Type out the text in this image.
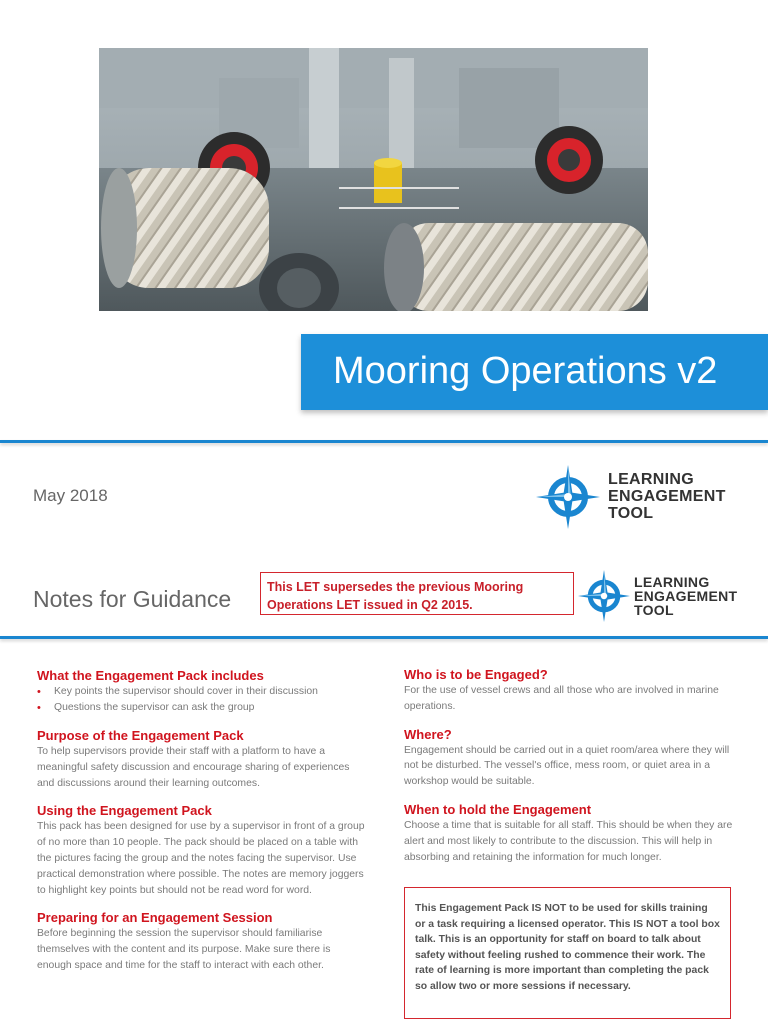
Mooring Operations v2
May 2018
LEARNING
ENGAGEMENT
TOOL
Notes for Guidance	This LET supersedes the previous Mooring Operations LET issued in Q2 2015.
LEARNING
ENGAGEMENT
TOOL

What the Engagement Pack includes

• Key points the supervisor should cover in their discussion
• Questions the supervisor can ask the group

Purpose of the Engagement Pack

To help supervisors provide their staff with a platform to have a meaningful safety discussion and encourage sharing of experiences and discussions around their learning outcomes.

Using the Engagement Pack

This pack has been designed for use by a supervisor in front of a group of no more than 10 people. The pack should be placed on a table with the pictures facing the group and the notes facing the supervisor. Use practical demonstration where possible. The notes are memory joggers to highlight key points but should not be read word for word.

Preparing for an Engagement Session

Before beginning the session the supervisor should familiarise themselves with the content and its purpose. Make sure there is enough space and time for the staff to interact with each other.

Who is to be Engaged?

For the use of vessel crews and all those who are involved in marine operations.

Where?

Engagement should be carried out in a quiet room/area where they will not be disturbed. The vessel's office, mess room, or quiet area in a workshop would be suitable.

When to hold the Engagement

Choose a time that is suitable for all staff. This should be when they are alert and most likely to contribute to the discussion. This will help in absorbing and retaining the information for much longer.

This Engagement Pack IS NOT to be used for skills training or a task requiring a licensed operator. This IS NOT a tool box talk. This is an opportunity for staff on board to talk about safety without feeling rushed to commence their work. The rate of learning is more important than completing the pack so allow two or more sessions if necessary.
